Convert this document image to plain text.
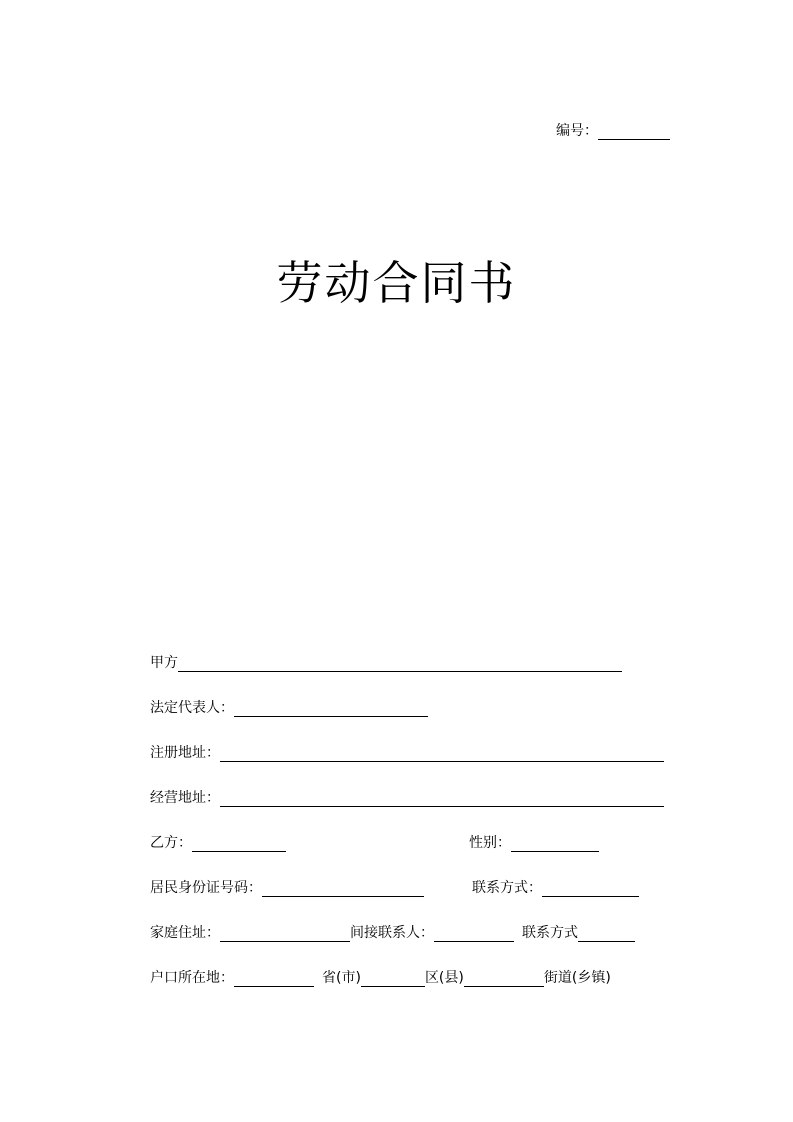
编号：
劳动合同书
甲方
法定代表人：
注册地址：
经营地址：
乙方：	性别：
居民身份证号码：	联系方式：
家庭住址：	间接联系人：	联系方式
户口所在地：	省(市)	区(县)	街道(乡镇)
